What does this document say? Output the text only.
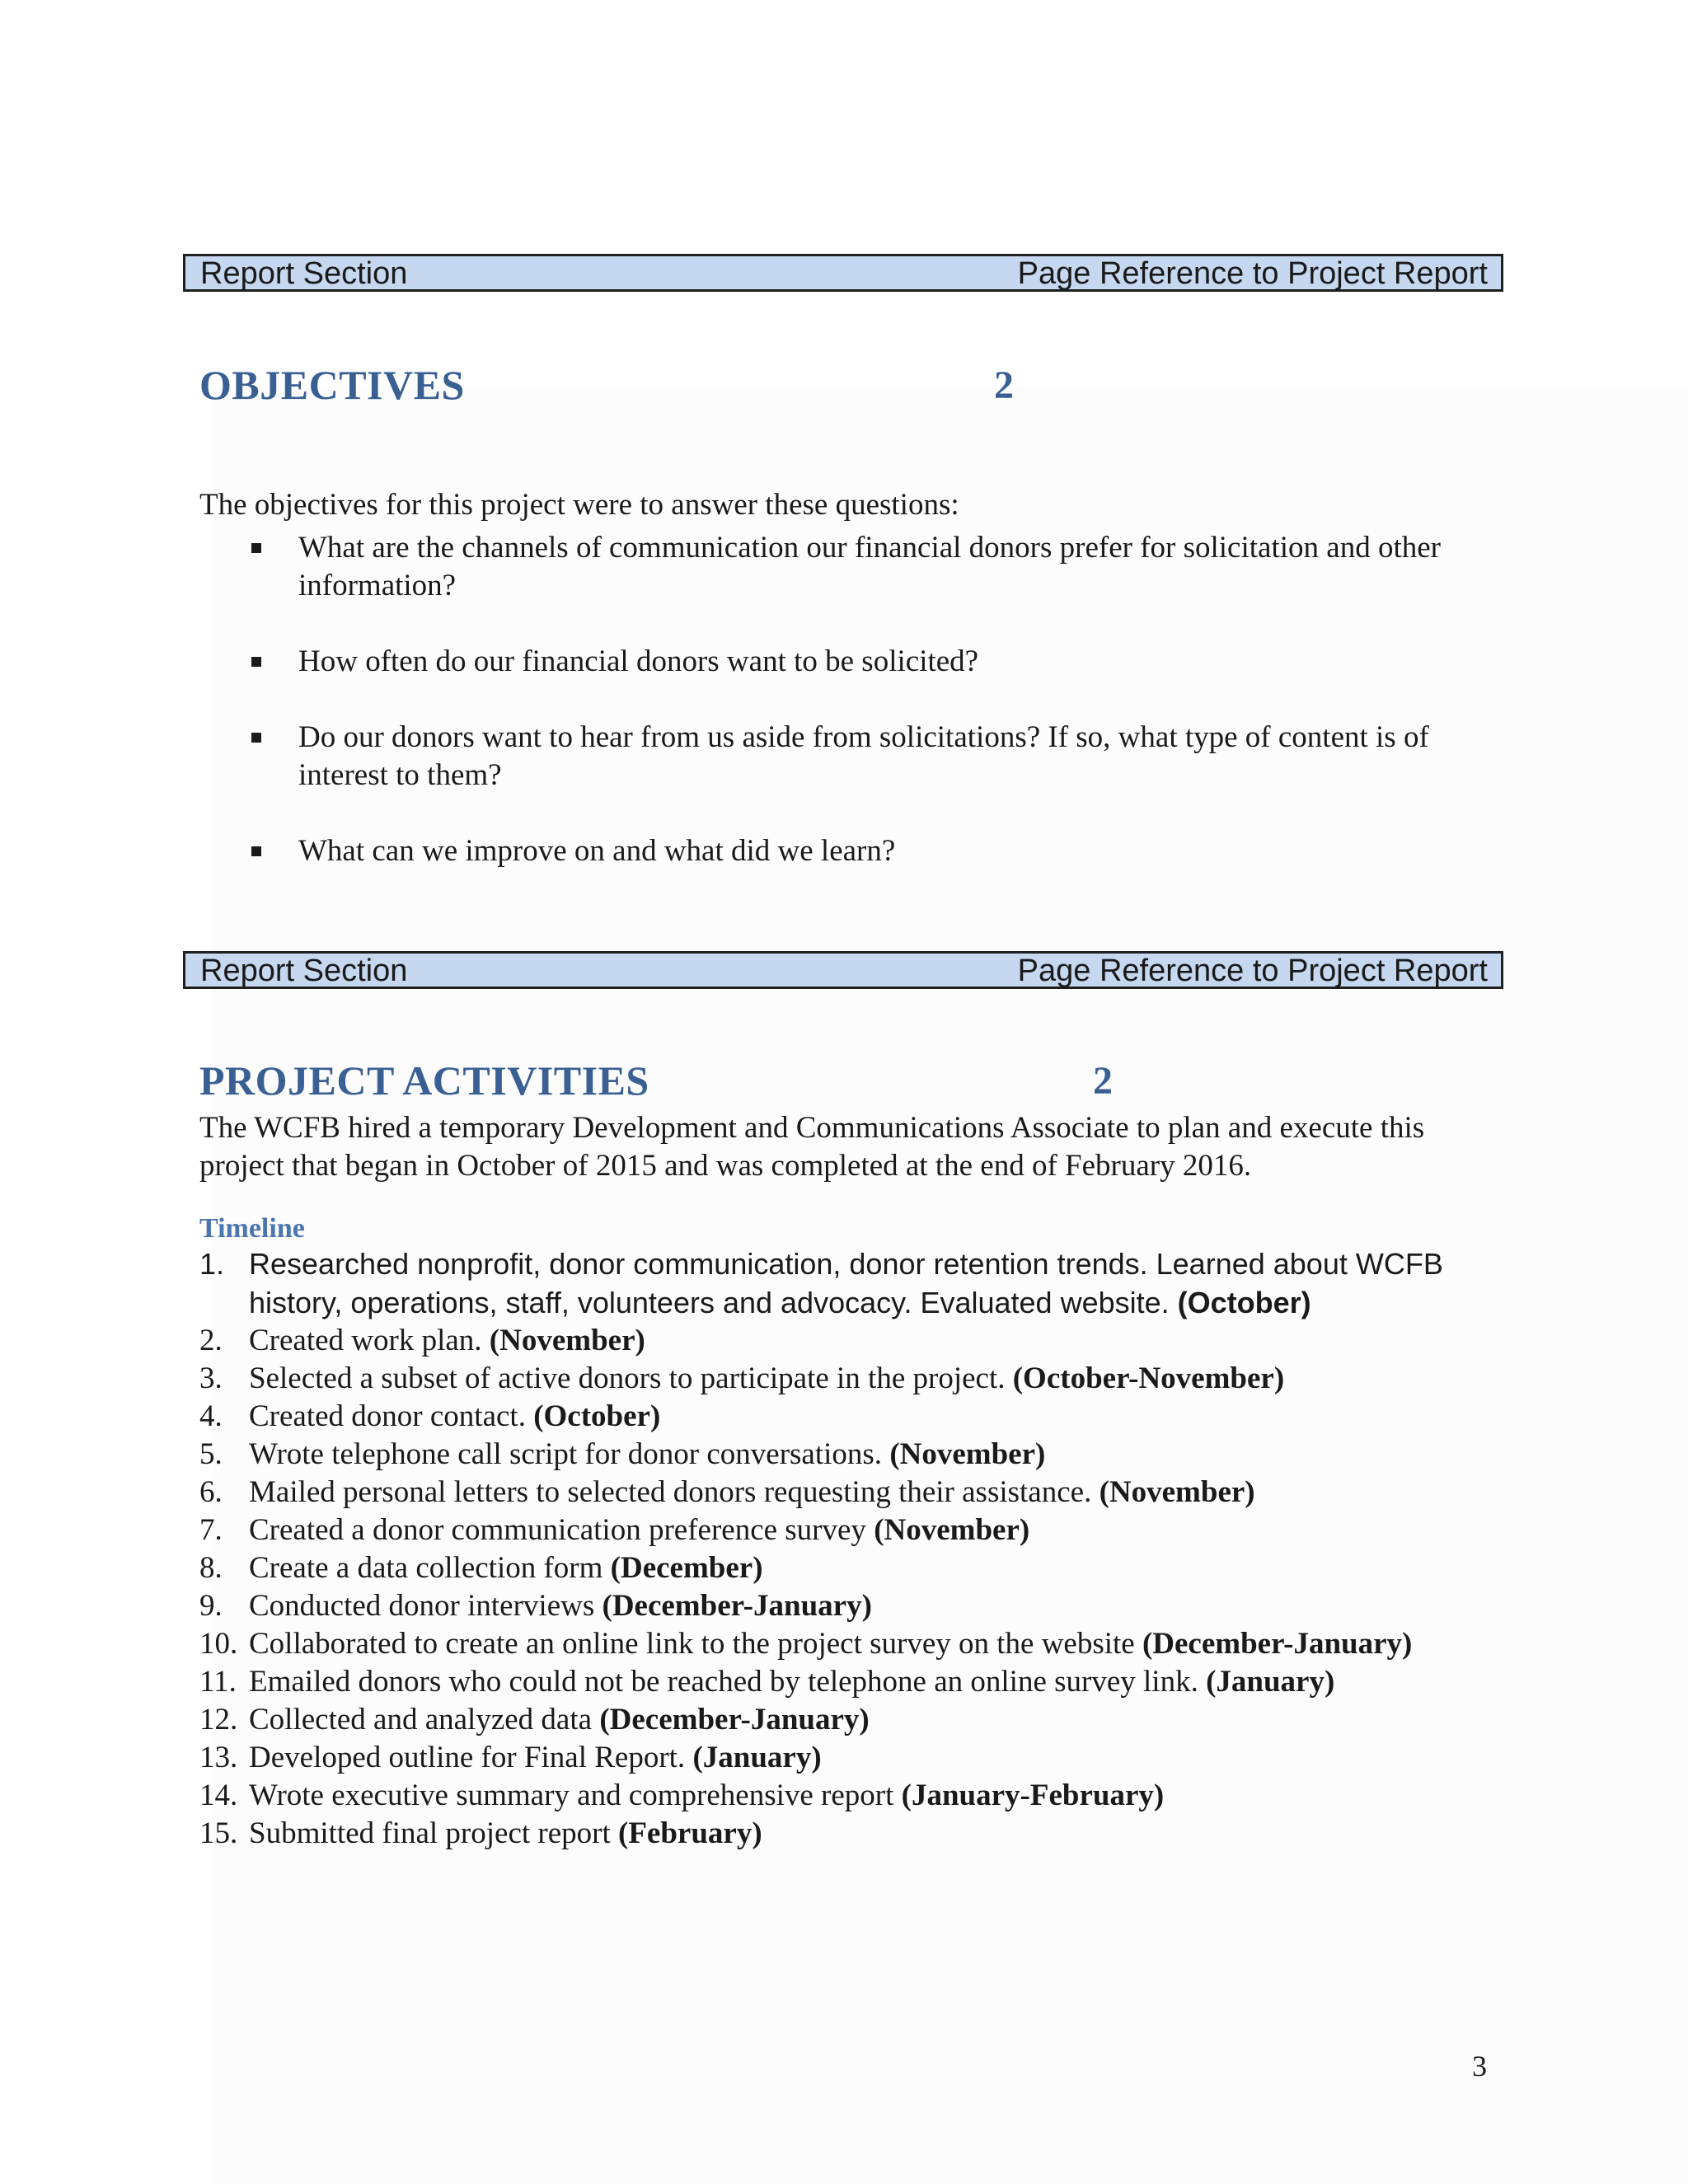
Report Section	Page Reference to Project Report
OBJECTIVES	2
The objectives for this project were to answer these questions:
What are the channels of communication our financial donors prefer for solicitation and other information?
How often do our financial donors want to be solicited?
Do our donors want to hear from us aside from solicitations? If so, what type of content is of interest to them?
What can we improve on and what did we learn?
Report Section	Page Reference to Project Report
PROJECT ACTIVITIES	2
The WCFB hired a temporary Development and Communications Associate to plan and execute this project that began in October of 2015 and was completed at the end of February 2016.
Timeline
1. Researched nonprofit, donor communication, donor retention trends. Learned about WCFB history, operations, staff, volunteers and advocacy. Evaluated website. (October)
2. Created work plan. (November)
3. Selected a subset of active donors to participate in the project. (October-November)
4. Created donor contact. (October)
5. Wrote telephone call script for donor conversations. (November)
6. Mailed personal letters to selected donors requesting their assistance. (November)
7. Created a donor communication preference survey (November)
8. Create a data collection form (December)
9. Conducted donor interviews (December-January)
10. Collaborated to create an online link to the project survey on the website (December-January)
11. Emailed donors who could not be reached by telephone an online survey link. (January)
12. Collected and analyzed data (December-January)
13. Developed outline for Final Report. (January)
14. Wrote executive summary and comprehensive report (January-February)
15. Submitted final project report (February)
3
